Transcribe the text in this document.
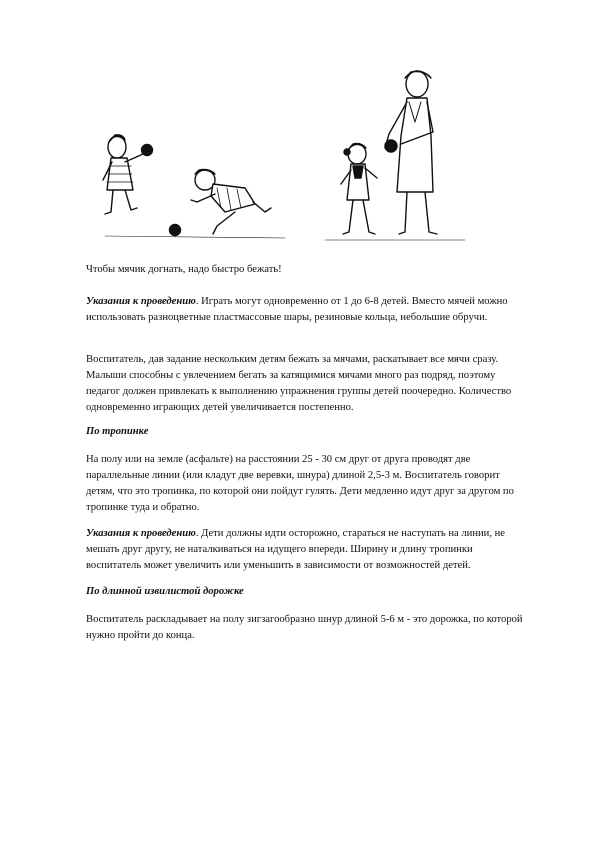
Чтобы мячик догнать, надо быстро бежать!
Указания к проведению. Играть могут одновременно от 1 до 6-8 детей. Вместо мячей можно использовать разноцветные пластмассовые шары, резиновые кольца, небольшие обручи.
Воспитатель, дав задание нескольким детям бежать за мячами, раскатывает все мячи сразу. Малыши способны с увлечением бегать за катящимися мячами много раз подряд, поэтому педагог должен привлекать к выполнению упражнения группы детей поочередно. Количество одновременно играющих детей увеличивается постепенно.
По тропинке
На полу или на земле (асфальте) на расстоянии 25 - 30 см друг от друга проводят две параллельные линии (или кладут две веревки, шнура) длиной 2,5-3 м. Воспитатель говорит детям, что это тропинка, по которой они пойдут гулять. Дети медленно идут друг за другом по тропинке туда и обратно.
Указания к проведению. Дети должны идти осторожно, стараться не наступать на линии, не мешать друг другу, не наталкиваться на идущего впереди. Ширину и длину тропинки воспитатель может увеличить или уменьшить в зависимости от возможностей детей.
По длинной извилистой дорожке
Воспитатель раскладывает на полу зигзагообразно шнур длиной 5-6 м - это дорожка, по которой нужно пройти до конца.
